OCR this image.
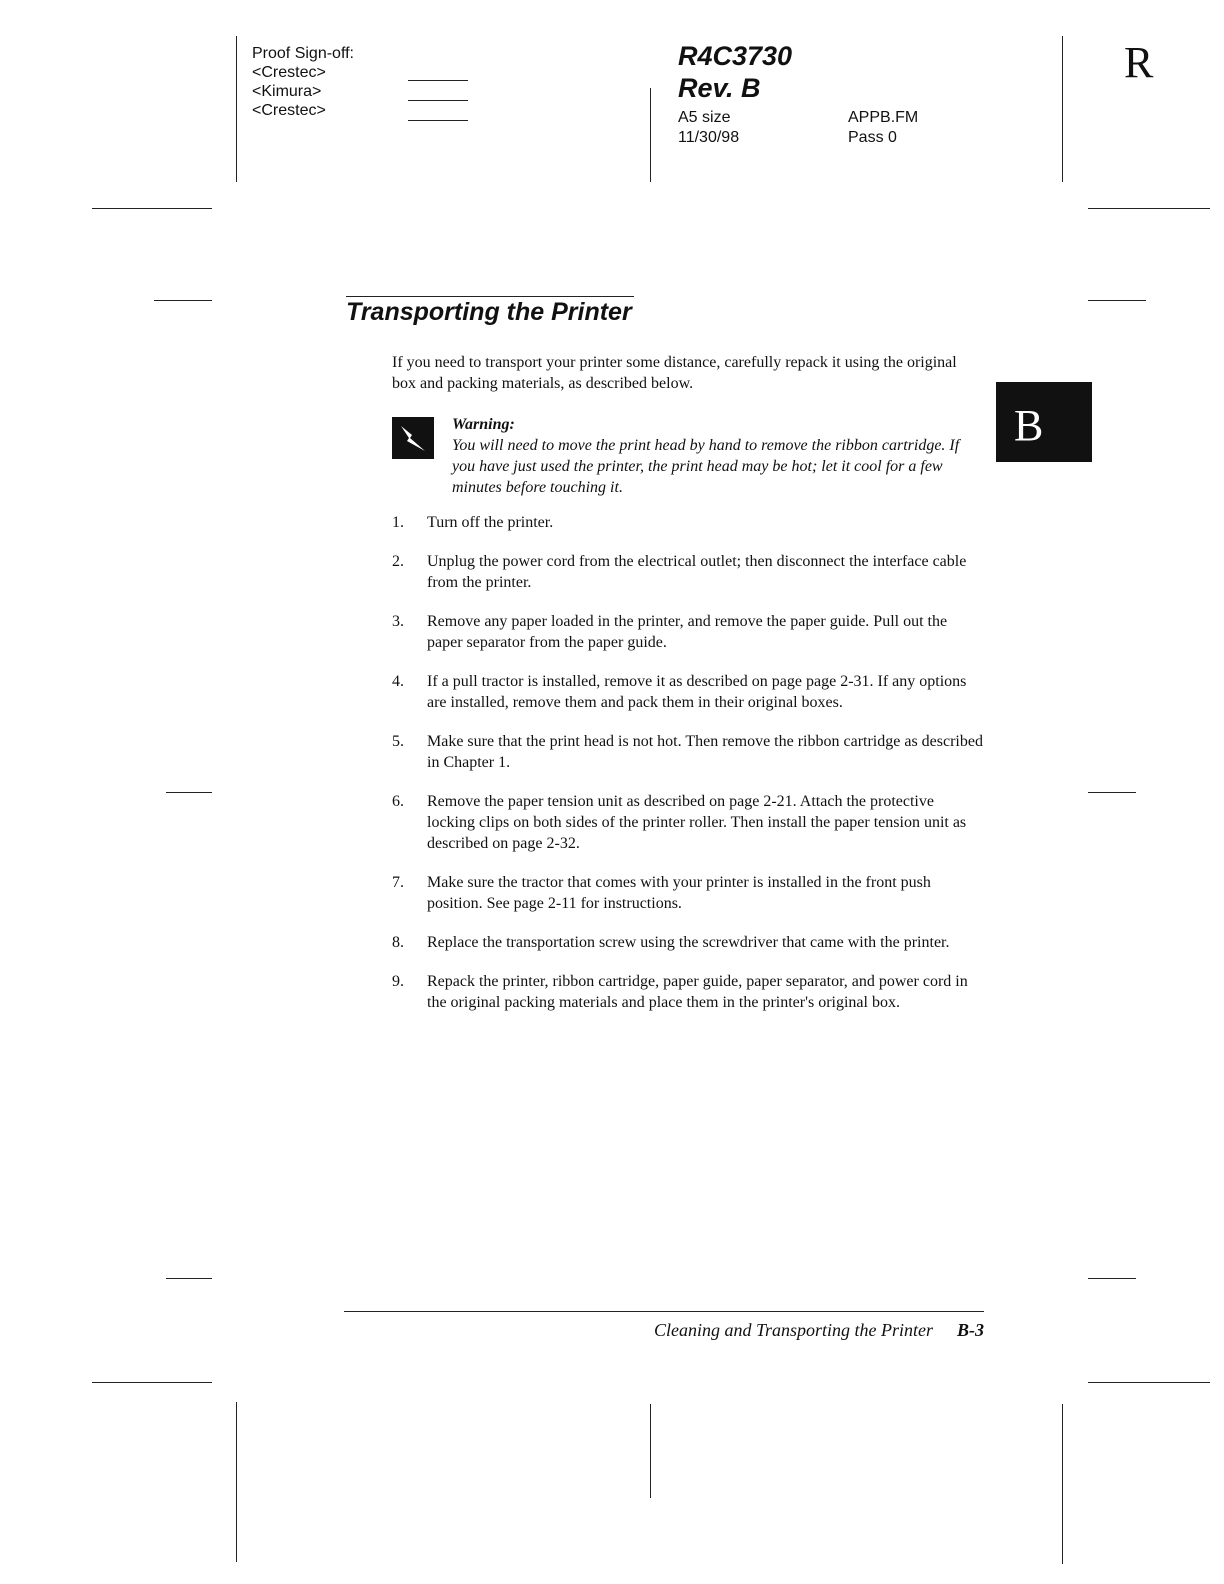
Proof Sign-off:
<Crestec>
<Kimura>
<Crestec>
R4C3730
Rev. B
A5 size
11/30/98
APPB.FM
Pass 0
R
Transporting the Printer
B

If you need to transport your printer some distance, carefully repack it using the original box and packing materials, as described below.

Warning:
You will need to move the print head by hand to remove the ribbon cartridge. If you have just used the printer, the print head may be hot; let it cool for a few minutes before touching it.
1. Turn off the printer.
2. Unplug the power cord from the electrical outlet; then disconnect the interface cable from the printer.
3. Remove any paper loaded in the printer, and remove the paper guide. Pull out the paper separator from the paper guide.
4. If a pull tractor is installed, remove it as described on page page 2-31. If any options are installed, remove them and pack them in their original boxes.
5. Make sure that the print head is not hot. Then remove the ribbon cartridge as described in Chapter 1.
6. Remove the paper tension unit as described on page 2-21. Attach the protective locking clips on both sides of the printer roller. Then install the paper tension unit as described on page 2-32.
7. Make sure the tractor that comes with your printer is installed in the front push position. See page 2-11 for instructions.
8. Replace the transportation screw using the screwdriver that came with the printer.
9. Repack the printer, ribbon cartridge, paper guide, paper separator, and power cord in the original packing materials and place them in the printer's original box.
Cleaning and Transporting the Printer B-3
